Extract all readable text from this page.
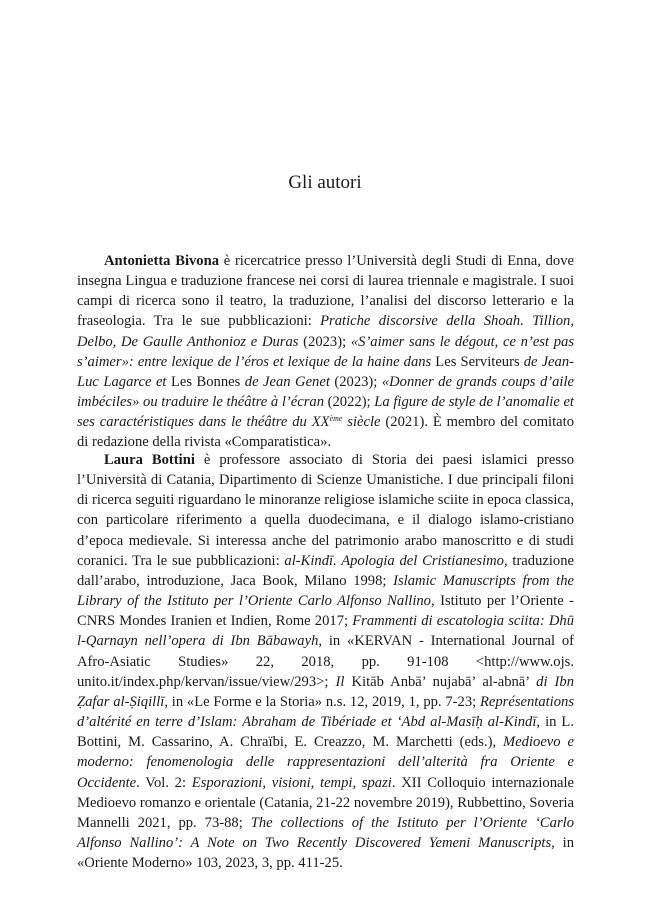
Gli autori

Antonietta Bivona è ricercatrice presso l’Università degli Studi di Enna, dove insegna Lingua e traduzione francese nei corsi di laurea triennale e magistrale. I suoi campi di ricerca sono il teatro, la traduzione, l’analisi del discorso letterario e la fraseologia. Tra le sue pubblicazioni: Pratiche discorsive della Shoah. Tillion, Delbo, De Gaulle Anthonioz e Duras (2023); «S’aimer sans le dégout, ce n’est pas s’aimer»: entre lexique de l’éros et lexique de la haine dans Les Serviteurs de Jean-Luc Lagarce et Les Bonnes de Jean Genet (2023); «Donner de grands coups d’aile imbéciles» ou traduire le théâtre à l’écran (2022); La figure de style de l’anomalie et ses caractéristiques dans le théâtre du XXème siècle (2021). È membro del comitato di redazione della rivista «Comparatistica».

Laura Bottini è professore associato di Storia dei paesi islamici presso l’Università di Catania, Dipartimento di Scienze Umanistiche. I due principali filoni di ricerca seguiti riguardano le minoranze religiose islamiche sciite in epoca classica, con particolare riferimento a quella duodecimana, e il dialogo islamo-cristiano d’epoca medievale. Si interessa anche del patrimonio arabo manoscritto e di studi coranici. Tra le sue pubblicazioni: al-Kindī. Apologia del Cristianesimo, traduzione dall’arabo, introduzione, Jaca Book, Milano 1998; Islamic Manuscripts from the Library of the Istituto per l’Oriente Carlo Alfonso Nallino, Istituto per l’Oriente - CNRS Mondes Iranien et Indien, Rome 2017; Frammenti di escatologia sciita: Dhū l-Qarnayn nell’opera di Ibn Bābawayh, in «KERVAN - International Journal of Afro-Asiatic Studies» 22, 2018, pp. 91-108 <http://www.ojs. unito.it/index.php/kervan/issue/view/293>; Il Kitāb Anbā’ nujabā’ al-abnā’ di Ibn Ẓafar al-Ṣiqillī, in «Le Forme e la Storia» n.s. 12, 2019, 1, pp. 7-23; Représentations d’altérité en terre d’Islam: Abraham de Tibériade et ‘Abd al-Masīḥ al-Kindī, in L. Bottini, M. Cassarino, A. Chraïbi, E. Creazzo, M. Marchetti (eds.), Medioevo e moderno: fenomenologia delle rappresentazioni dell’alterità fra Oriente e Occidente. Vol. 2: Esporazioni, visioni, tempi, spazi. XII Colloquio internazionale Medioevo romanzo e orientale (Catania, 21-22 novembre 2019), Rubbettino, Soveria Mannelli 2021, pp. 73-88; The collections of the Istituto per l’Oriente ‘Carlo Alfonso Nallino’: A Note on Two Recently Discovered Yemeni Manuscripts, in «Oriente Moderno» 103, 2023, 3, pp. 411-25.
